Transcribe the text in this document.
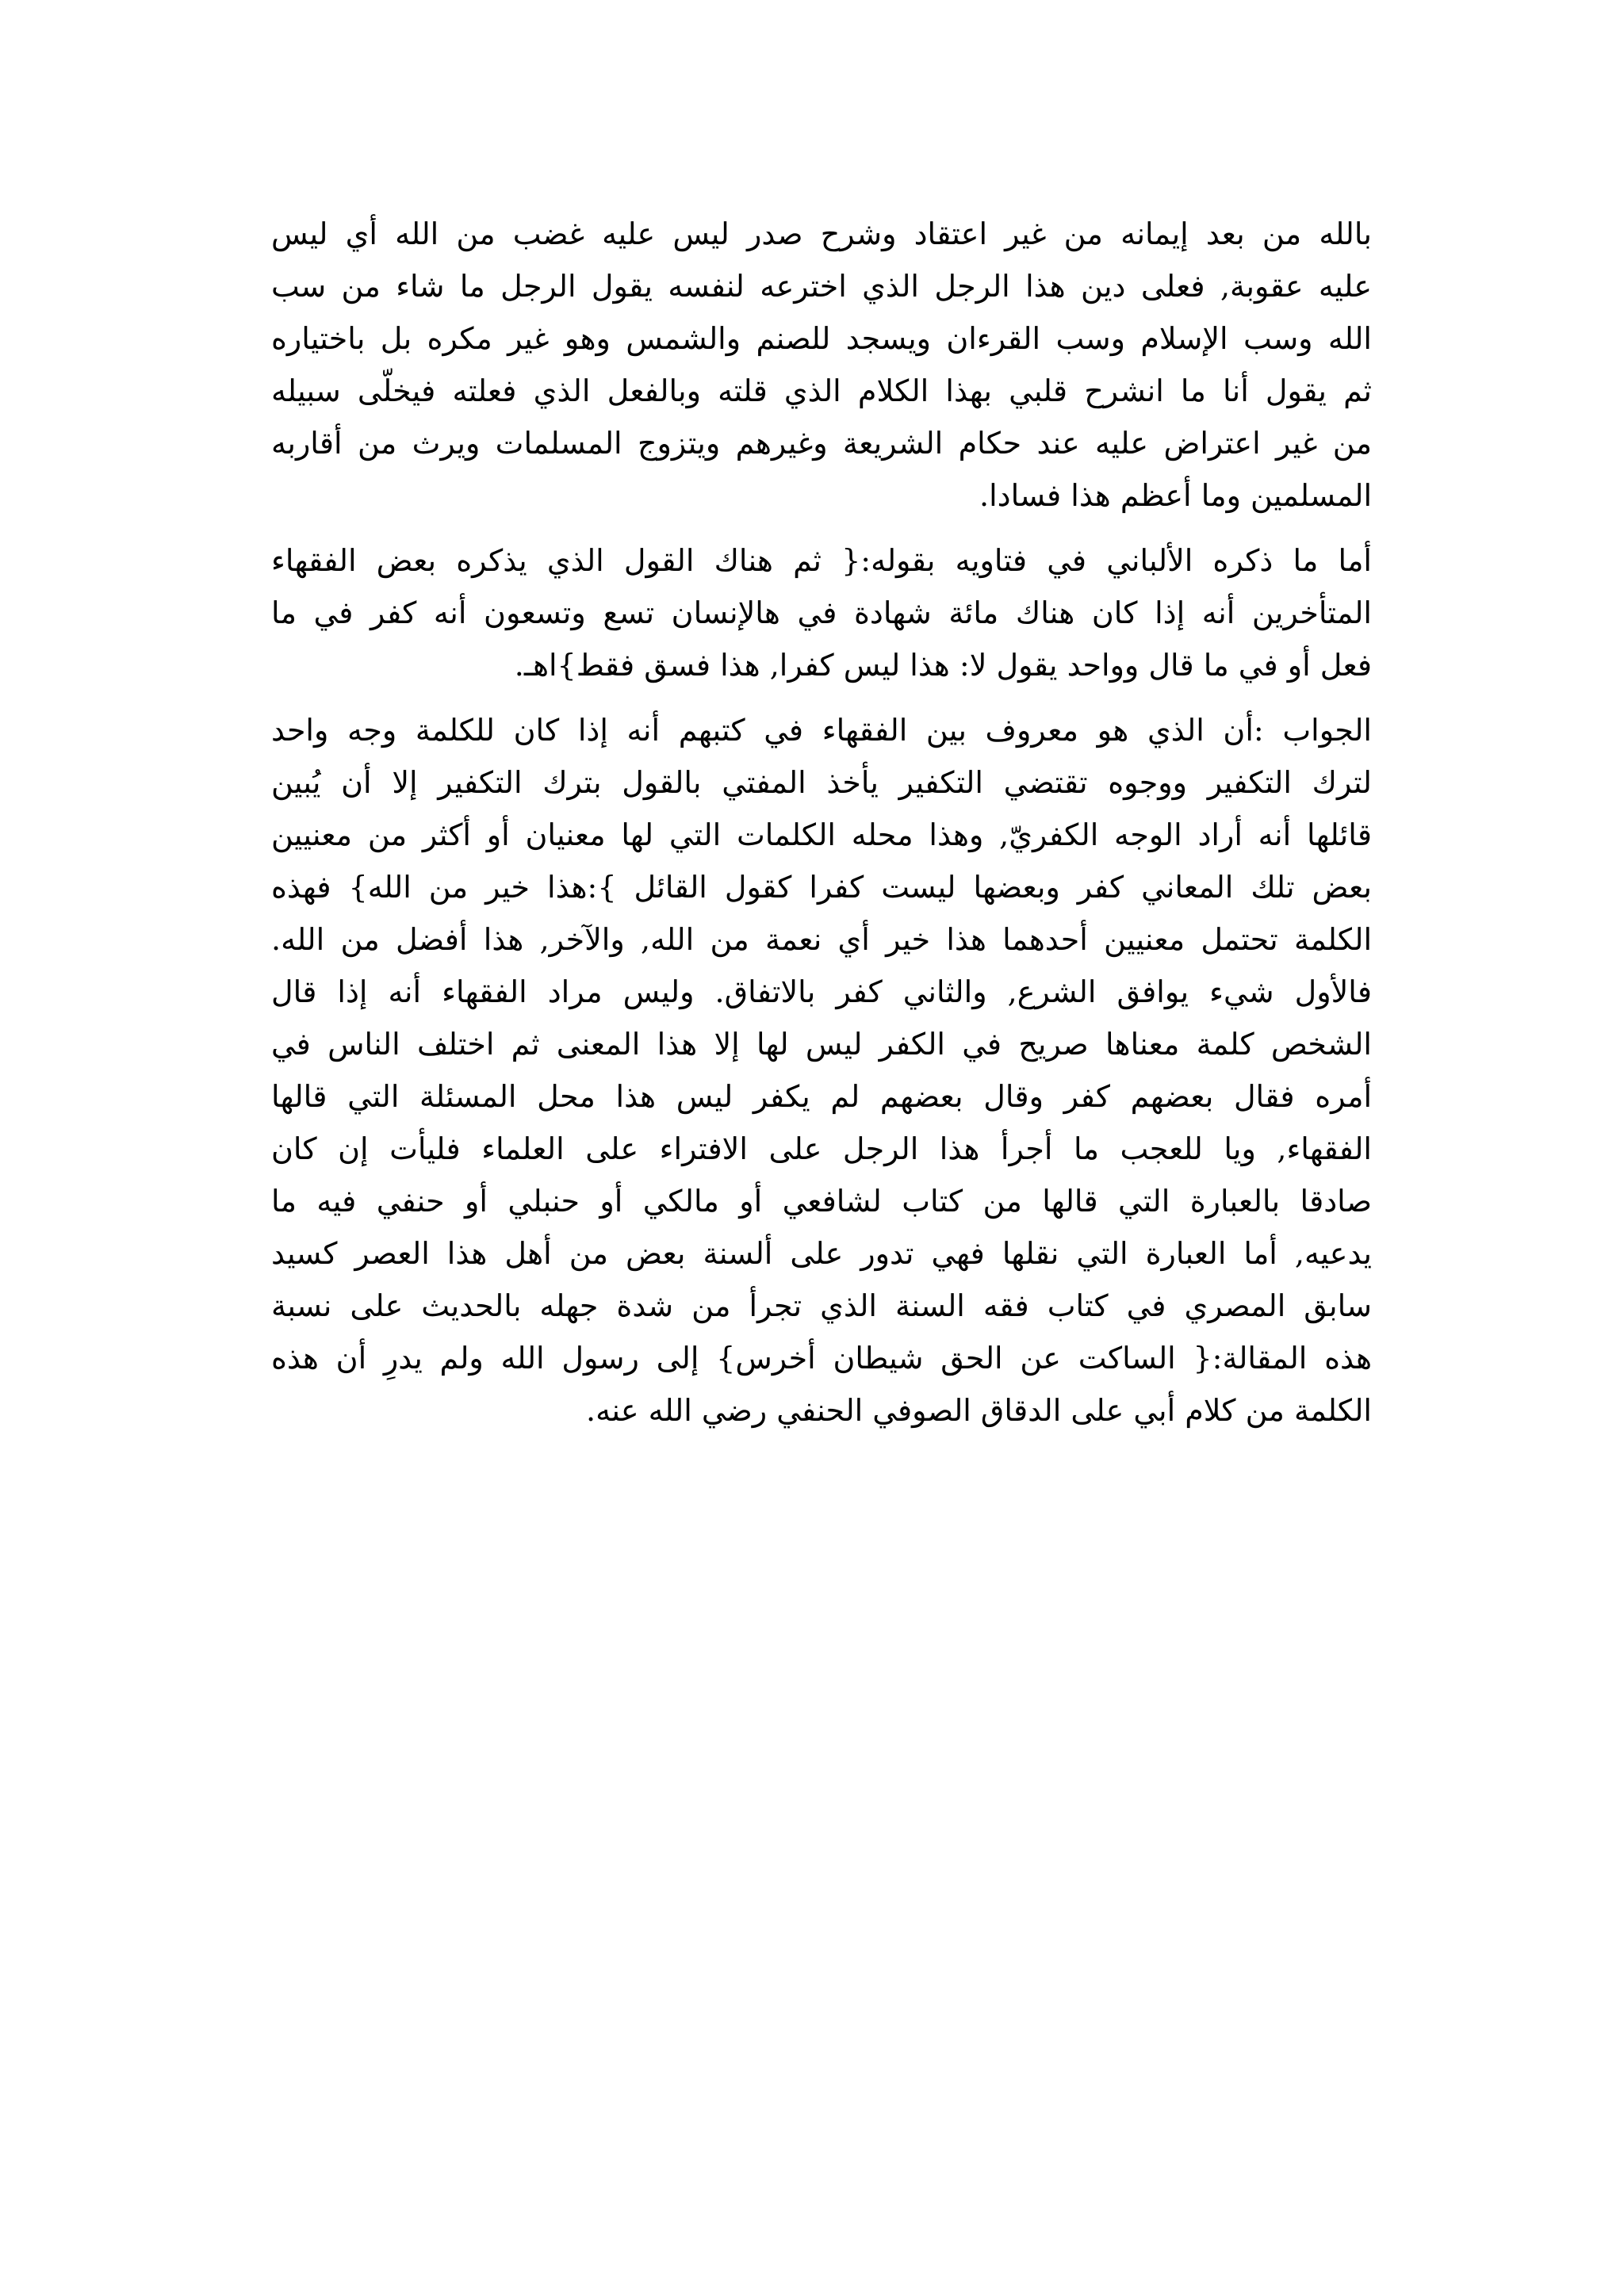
بالله من بعد إيمانه من غير اعتقاد وشرح صدر ليس عليه غضب من الله أي ليس
عليه عقوبة, فعلى دين هذا الرجل الذي اخترعه لنفسه يقول الرجل ما شاء من سب
الله وسب الإسلام وسب القرءان ويسجد للصنم والشمس وهو غير مكره بل باختياره
ثم يقول أنا ما انشرح قلبي بهذا الكلام الذي قلته وبالفعل الذي فعلته فيخلّى سبيله
من غير اعتراض عليه عند حكام الشريعة وغيرهم ويتزوج المسلمات ويرث من أقاربه
المسلمين وما أعظم هذا فسادا.
أما ما ذكره الألباني في فتاويه بقوله:{ ثم هناك القول الذي يذكره بعض الفقهاء
المتأخرين أنه إذا كان هناك مائة شهادة في هالإنسان تسع وتسعون أنه كفر في ما
فعل أو في ما قال وواحد يقول لا: هذا ليس كفرا, هذا فسق فقط}اهـ.
الجواب :أن الذي هو معروف بين الفقهاء في كتبهم أنه إذا كان للكلمة وجه واحد
لترك التكفير ووجوه تقتضي التكفير يأخذ المفتي بالقول بترك التكفير إلا أن يُبين
قائلها أنه أراد الوجه الكفريّ, وهذا محله الكلمات التي لها معنيان أو أكثر من معنيين
بعض تلك المعاني كفر وبعضها ليست كفرا كقول القائل }:هذا خير من الله} فهذه
الكلمة تحتمل معنيين أحدهما هذا خير أي نعمة من الله, والآخر, هذا أفضل من الله.
فالأول شيء يوافق الشرع, والثاني كفر بالاتفاق. وليس مراد الفقهاء أنه إذا قال
الشخص كلمة معناها صريح في الكفر ليس لها إلا هذا المعنى ثم اختلف الناس في
أمره فقال بعضهم كفر وقال بعضهم لم يكفر ليس هذا محل المسئلة التي قالها
الفقهاء, ويا للعجب ما أجرأ هذا الرجل على الافتراء على العلماء فليأت إن كان
صادقا بالعبارة التي قالها من كتاب لشافعي أو مالكي أو حنبلي أو حنفي فيه ما
يدعيه, أما العبارة التي نقلها فهي تدور على ألسنة بعض من أهل هذا العصر كسيد
سابق المصري في كتاب فقه السنة الذي تجرأ من شدة جهله بالحديث على نسبة
هذه المقالة:{ الساكت عن الحق شيطان أخرس} إلى رسول الله ولم يدرِ أن هذه
الكلمة من كلام أبي على الدقاق الصوفي الحنفي رضي الله عنه.
